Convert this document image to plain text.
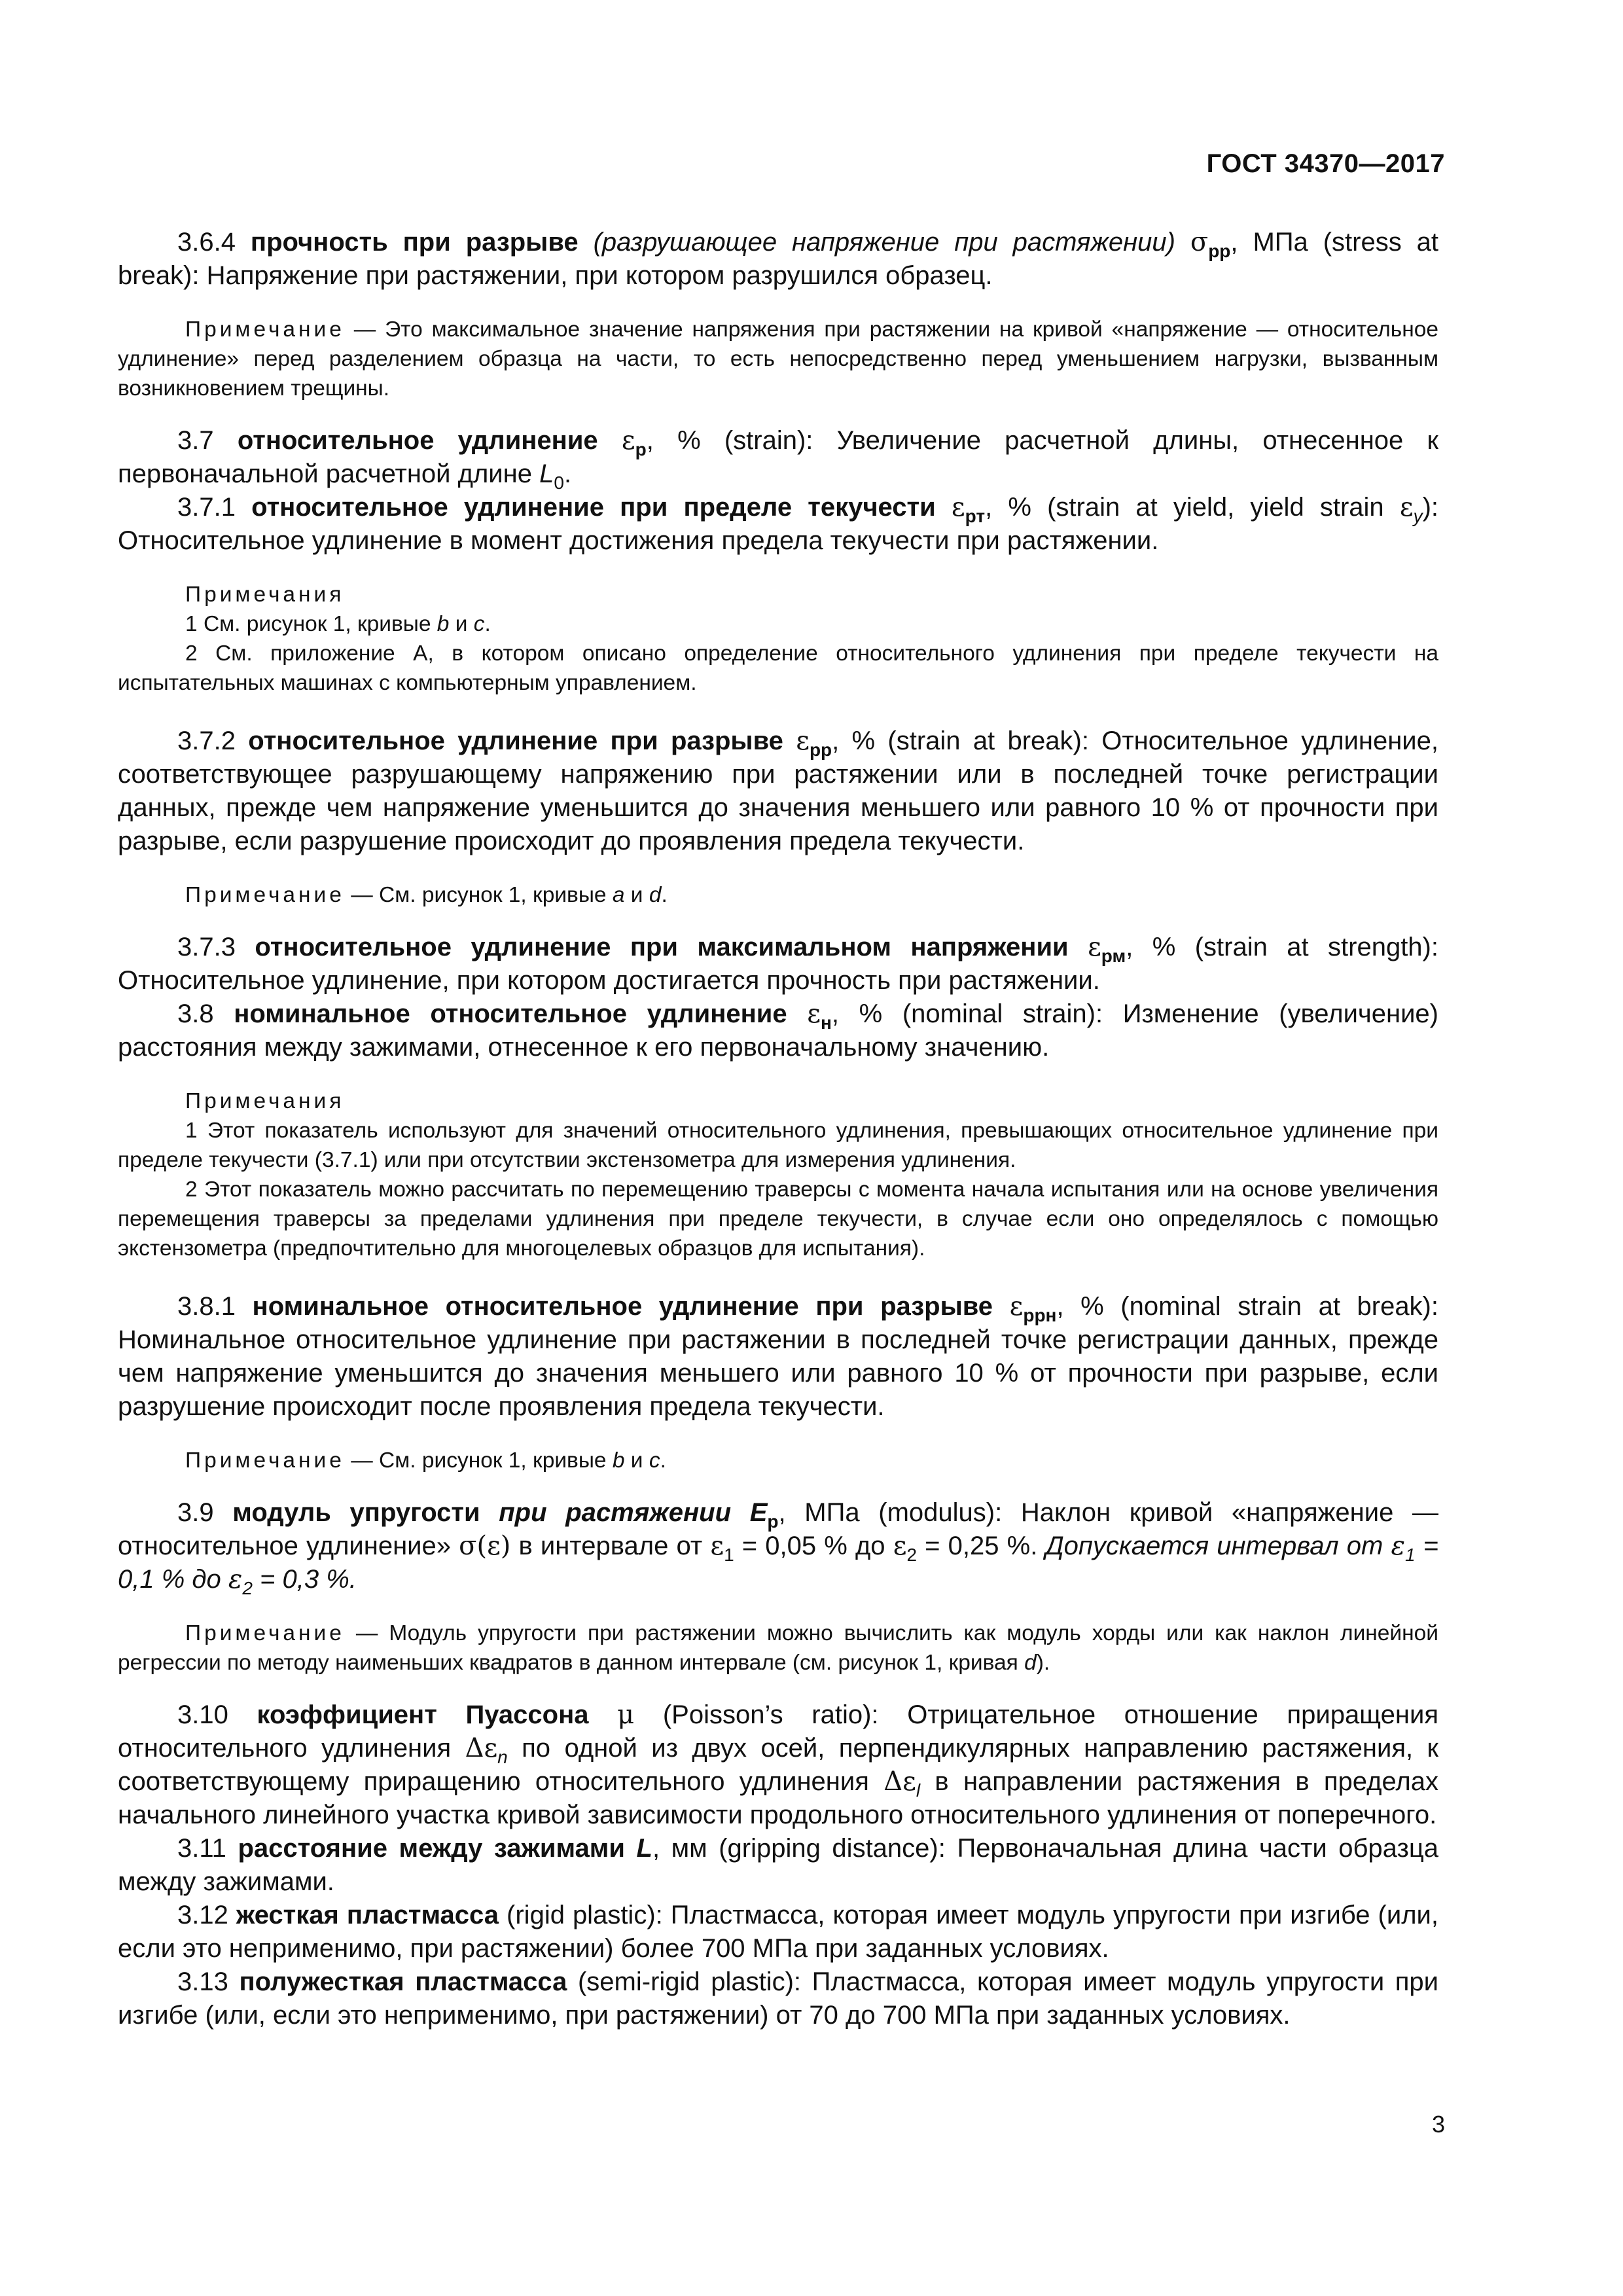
ГОСТ 34370—2017

3.6.4 прочность при разрыве (разрушающее напряжение при растяжении) $\sigma_{рр}$, МПа (stress at break): Напряжение при растяжении, при котором разрушился образец.

Примечание — Это максимальное значение напряжения при растяжении на кривой «напряжение — относительное удлинение» перед разделением образца на части, то есть непосредственно перед уменьшением нагрузки, вызванным возникновением трещины.

3.7 относительное удлинение $\varepsilon_р$, % (strain): Увеличение расчетной длины, отнесенное к первоначальной расчетной длине $L_0$.

3.7.1 относительное удлинение при пределе текучести $\varepsilon_{рт}$, % (strain at yield, yield strain $\varepsilon_y$): Относительное удлинение в момент достижения предела текучести при растяжении.

Примечания

1 См. рисунок 1, кривые b и c.

2 См. приложение А, в котором описано определение относительного удлинения при пределе текучести на испытательных машинах с компьютерным управлением.

3.7.2 относительное удлинение при разрыве $\varepsilon_{рр}$, % (strain at break): Относительное удлинение, соответствующее разрушающему напряжению при растяжении или в последней точке регистрации данных, прежде чем напряжение уменьшится до значения меньшего или равного 10 % от прочности при разрыве, если разрушение происходит до проявления предела текучести.

Примечание — См. рисунок 1, кривые a и d.

3.7.3 относительное удлинение при максимальном напряжении $\varepsilon_{рм}$, % (strain at strength): Относительное удлинение, при котором достигается прочность при растяжении.

3.8 номинальное относительное удлинение $\varepsilon_н$, % (nominal strain): Изменение (увеличение) расстояния между зажимами, отнесенное к его первоначальному значению.

Примечания

1 Этот показатель используют для значений относительного удлинения, превышающих относительное удлинение при пределе текучести (3.7.1) или при отсутствии экстензометра для измерения удлинения.

2 Этот показатель можно рассчитать по перемещению траверсы с момента начала испытания или на основе увеличения перемещения траверсы за пределами удлинения при пределе текучести, в случае если оно определялось с помощью экстензометра (предпочтительно для многоцелевых образцов для испытания).

3.8.1 номинальное относительное удлинение при разрыве $\varepsilon_{ррн}$, % (nominal strain at break): Номинальное относительное удлинение при растяжении в последней точке регистрации данных, прежде чем напряжение уменьшится до значения меньшего или равного 10 % от прочности при разрыве, если разрушение происходит после проявления предела текучести.

Примечание — См. рисунок 1, кривые b и c.

3.9 модуль упругости при растяжении $E_р$, МПа (modulus): Наклон кривой «напряжение — относительное удлинение» σ(ε) в интервале от $\varepsilon_1 = 0,05$ % до $\varepsilon_2 = 0,25$ %. Допускается интервал от $\varepsilon_1 = 0,1$ % до $\varepsilon_2 = 0,3$ %.

Примечание — Модуль упругости при растяжении можно вычислить как модуль хорды или как наклон линейной регрессии по методу наименьших квадратов в данном интервале (см. рисунок 1, кривая d).

3.10 коэффициент Пуассона μ (Poisson’s ratio): Отрицательное отношение приращения относительного удлинения $\Delta\varepsilon_n$ по одной из двух осей, перпендикулярных направлению растяжения, к соответствующему приращению относительного удлинения $\Delta\varepsilon_l$ в направлении растяжения в пределах начального линейного участка кривой зависимости продольного относительного удлинения от поперечного.

3.11 расстояние между зажимами L, мм (gripping distance): Первоначальная длина части образца между зажимами.

3.12 жесткая пластмасса (rigid plastic): Пластмасса, которая имеет модуль упругости при изгибе (или, если это неприменимо, при растяжении) более 700 МПа при заданных условиях.

3.13 полужесткая пластмасса (semi-rigid plastic): Пластмасса, которая имеет модуль упругости при изгибе (или, если это неприменимо, при растяжении) от 70 до 700 МПа при заданных условиях.

3
